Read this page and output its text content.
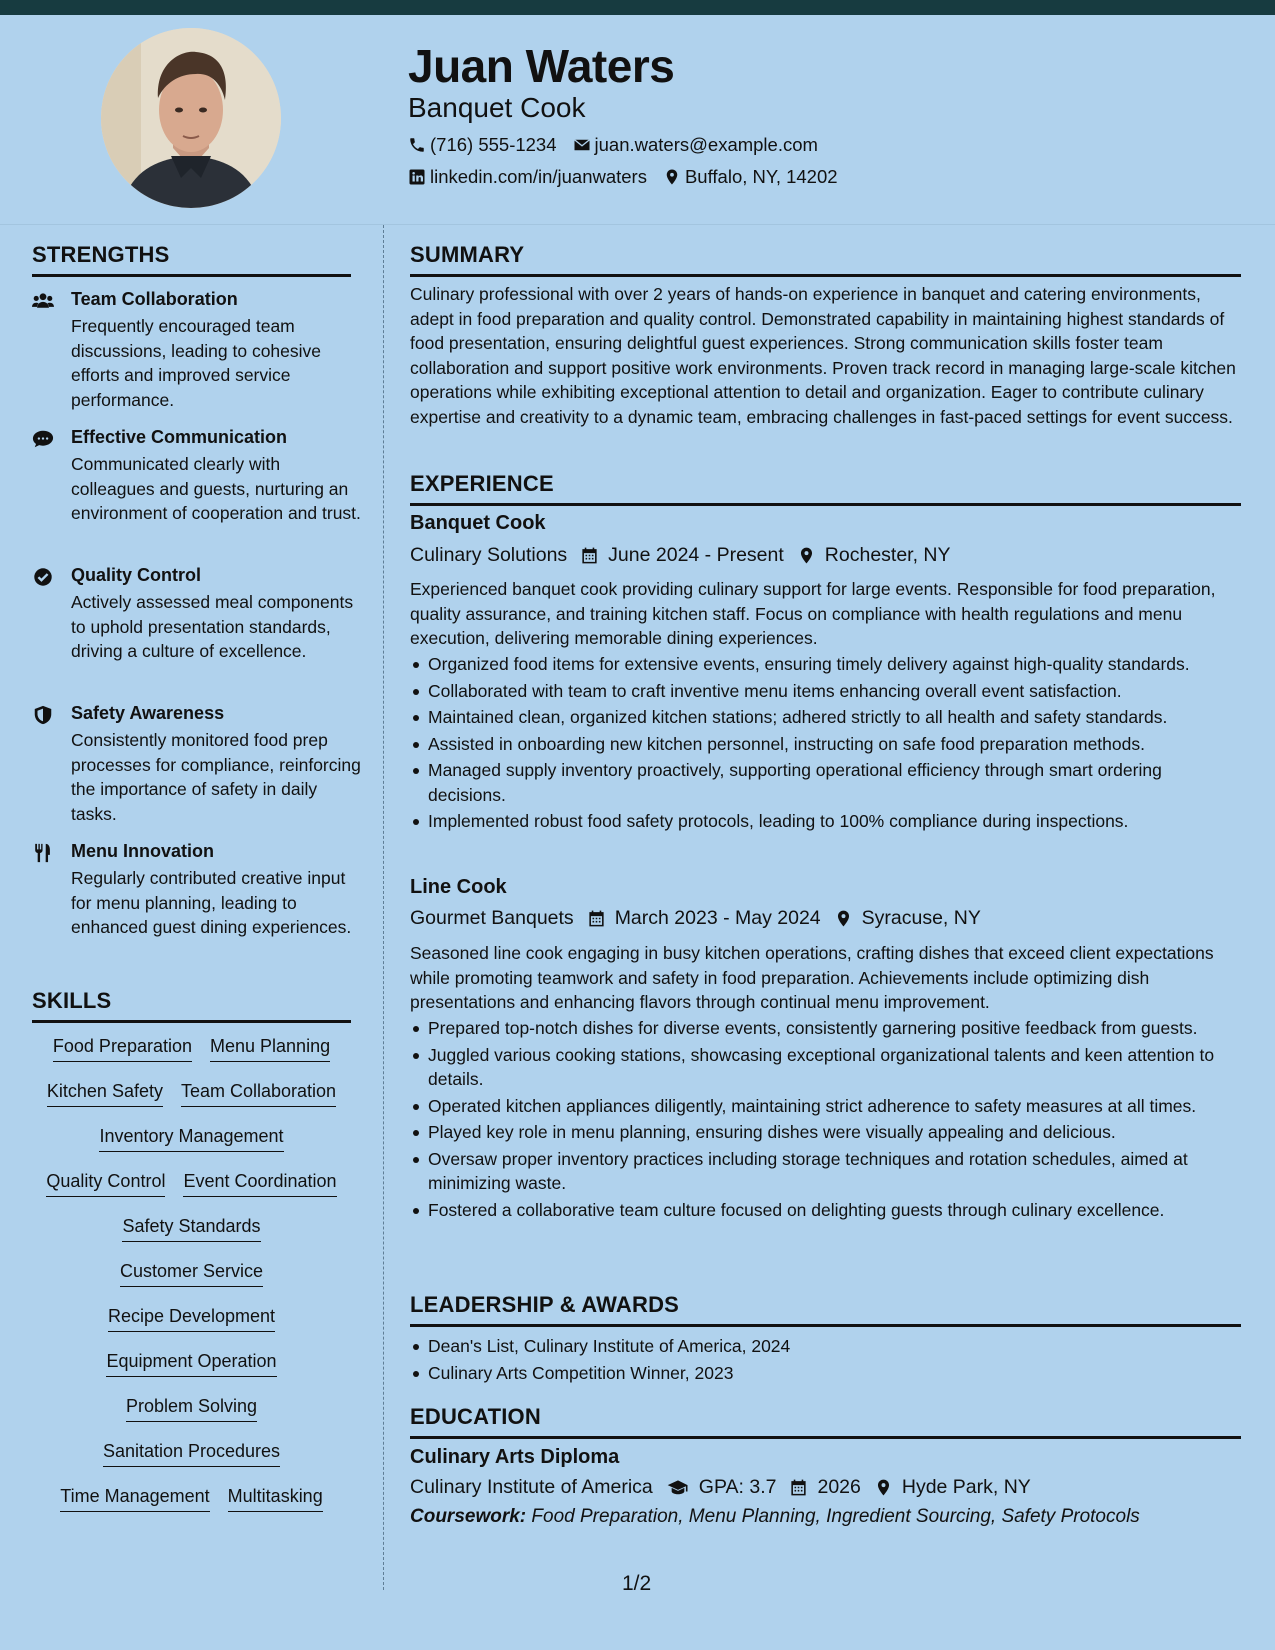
Juan Waters
Banquet Cook
(716) 555-1234 juan.waters@example.com
linkedin.com/in/juanwaters Buffalo, NY, 14202
STRENGTHS
Team Collaboration
Frequently encouraged team discussions, leading to cohesive efforts and improved service performance.
Effective Communication
Communicated clearly with colleagues and guests, nurturing an environment of cooperation and trust.
Quality Control
Actively assessed meal components to uphold presentation standards, driving a culture of excellence.
Safety Awareness
Consistently monitored food prep processes for compliance, reinforcing the importance of safety in daily tasks.
Menu Innovation
Regularly contributed creative input for menu planning, leading to enhanced guest dining experiences.
SKILLS
Food Preparation Menu Planning
Kitchen Safety Team Collaboration
Inventory Management
Quality Control Event Coordination
Safety Standards
Customer Service
Recipe Development
Equipment Operation
Problem Solving
Sanitation Procedures
Time Management Multitasking
SUMMARY
Culinary professional with over 2 years of hands-on experience in banquet and catering environments, adept in food preparation and quality control. Demonstrated capability in maintaining highest standards of food presentation, ensuring delightful guest experiences. Strong communication skills foster team collaboration and support positive work environments. Proven track record in managing large-scale kitchen operations while exhibiting exceptional attention to detail and organization. Eager to contribute culinary expertise and creativity to a dynamic team, embracing challenges in fast-paced settings for event success.
EXPERIENCE
Banquet Cook
Culinary Solutions June 2024 - Present Rochester, NY
Experienced banquet cook providing culinary support for large events. Responsible for food preparation, quality assurance, and training kitchen staff. Focus on compliance with health regulations and menu execution, delivering memorable dining experiences.
Organized food items for extensive events, ensuring timely delivery against high-quality standards.
Collaborated with team to craft inventive menu items enhancing overall event satisfaction.
Maintained clean, organized kitchen stations; adhered strictly to all health and safety standards.
Assisted in onboarding new kitchen personnel, instructing on safe food preparation methods.
Managed supply inventory proactively, supporting operational efficiency through smart ordering decisions.
Implemented robust food safety protocols, leading to 100% compliance during inspections.
Line Cook
Gourmet Banquets March 2023 - May 2024 Syracuse, NY
Seasoned line cook engaging in busy kitchen operations, crafting dishes that exceed client expectations while promoting teamwork and safety in food preparation. Achievements include optimizing dish presentations and enhancing flavors through continual menu improvement.
Prepared top-notch dishes for diverse events, consistently garnering positive feedback from guests.
Juggled various cooking stations, showcasing exceptional organizational talents and keen attention to details.
Operated kitchen appliances diligently, maintaining strict adherence to safety measures at all times.
Played key role in menu planning, ensuring dishes were visually appealing and delicious.
Oversaw proper inventory practices including storage techniques and rotation schedules, aimed at minimizing waste.
Fostered a collaborative team culture focused on delighting guests through culinary excellence.
LEADERSHIP & AWARDS
Dean's List, Culinary Institute of America, 2024
Culinary Arts Competition Winner, 2023
EDUCATION
Culinary Arts Diploma
Culinary Institute of America GPA: 3.7 2026 Hyde Park, NY
Coursework: Food Preparation, Menu Planning, Ingredient Sourcing, Safety Protocols
1/2
